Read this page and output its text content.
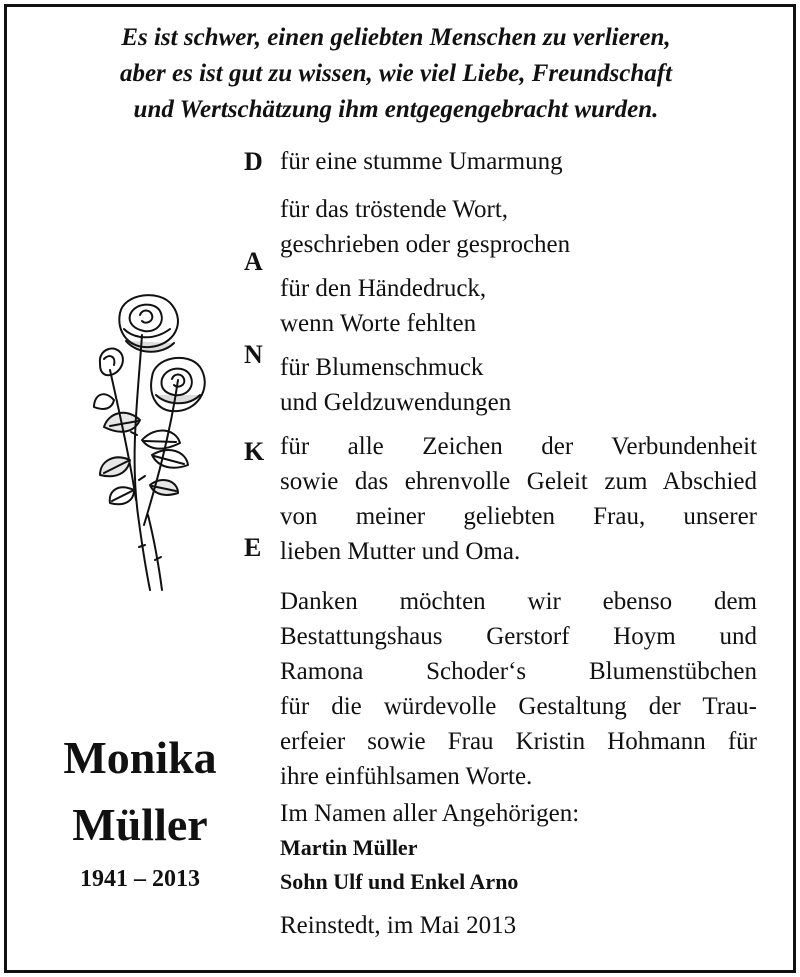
Es ist schwer, einen geliebten Menschen zu verlieren,
aber es ist gut zu wissen, wie viel Liebe, Freundschaft
und Wertschätzung ihm entgegengebracht wurden.

D
A
N
K
E
für eine stumme Umarmung
für das tröstende Wort,
geschrieben oder gesprochen
für den Händedruck,
wenn Worte fehlten
für Blumenschmuck
und Geldzuwendungen
für alle Zeichen der Verbundenheit
sowie das ehrenvolle Geleit zum Abschied
von meiner geliebten Frau, unserer
lieben Mutter und Oma.
Danken möchten wir ebenso dem
Bestattungshaus Gerstorf Hoym und
Ramona Schoder‘s Blumenstübchen
für die würdevolle Gestaltung der Trau-
erfeier sowie Frau Kristin Hohmann für
ihre einfühlsamen Worte.
Im Namen aller Angehörigen:
Martin Müller
Sohn Ulf und Enkel Arno
Reinstedt, im Mai 2013
Monika
Müller
1941 – 2013
